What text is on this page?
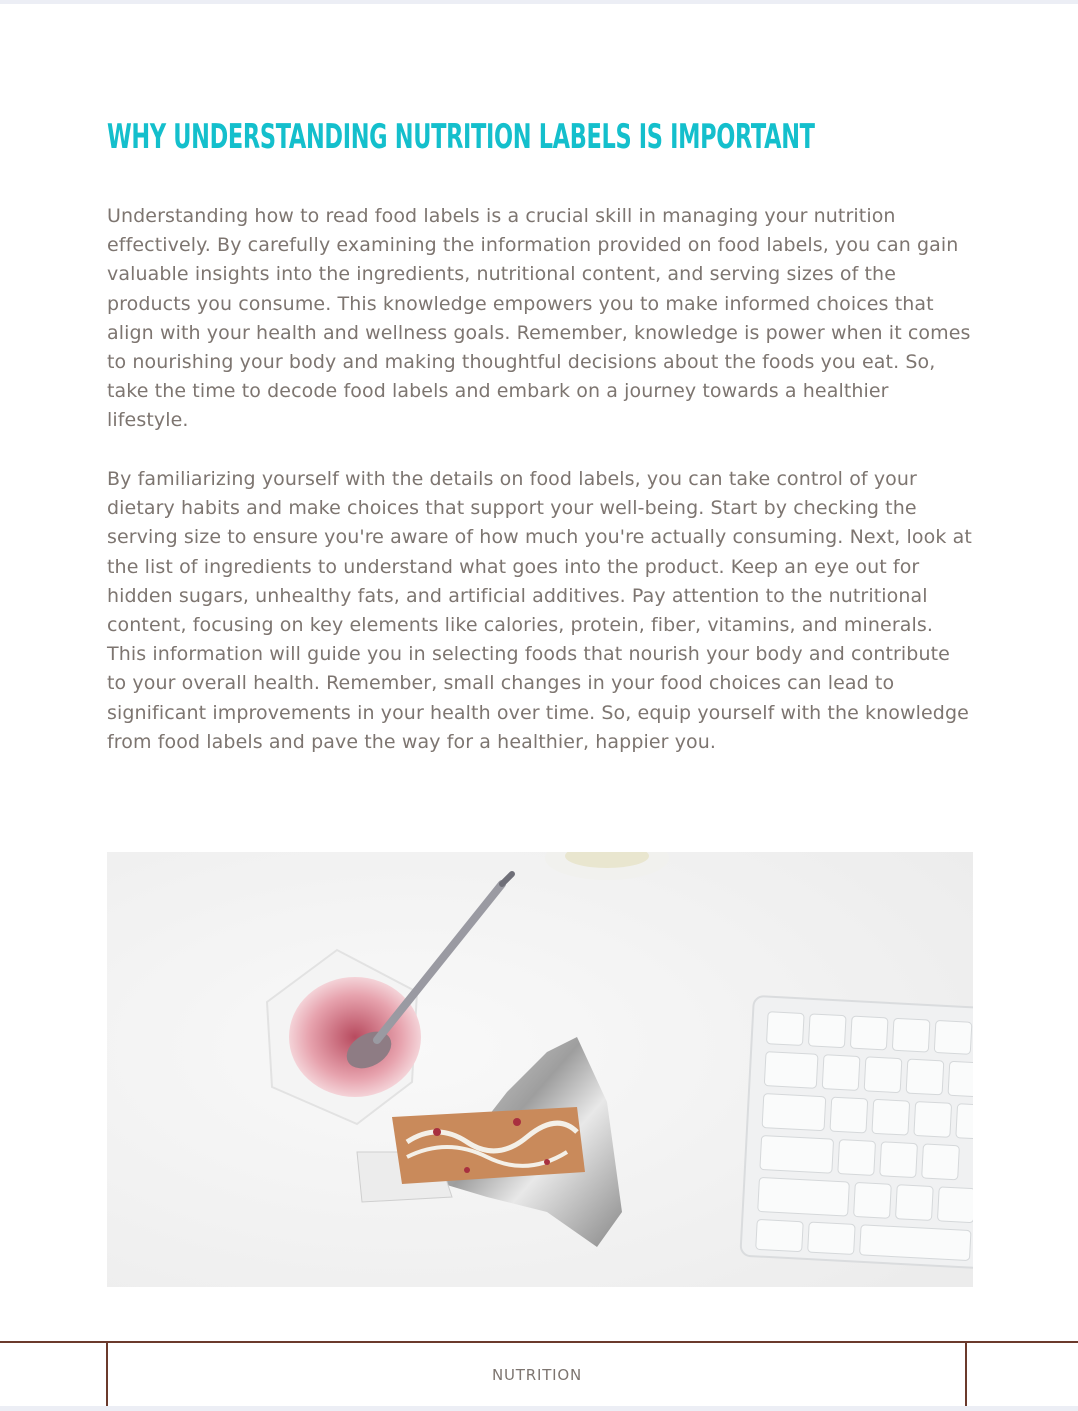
WHY UNDERSTANDING NUTRITION LABELS IS IMPORTANT

Understanding how to read food labels is a crucial skill in managing your nutrition effectively. By carefully examining the information provided on food labels, you can gain valuable insights into the ingredients, nutritional content, and serving sizes of the products you consume. This knowledge empowers you to make informed choices that align with your health and wellness goals. Remember, knowledge is power when it comes to nourishing your body and making thoughtful decisions about the foods you eat. So, take the time to decode food labels and embark on a journey towards a healthier lifestyle.

By familiarizing yourself with the details on food labels, you can take control of your dietary habits and make choices that support your well-being. Start by checking the serving size to ensure you're aware of how much you're actually consuming. Next, look at the list of ingredients to understand what goes into the product. Keep an eye out for hidden sugars, unhealthy fats, and artificial additives. Pay attention to the nutritional content, focusing on key elements like calories, protein, fiber, vitamins, and minerals. This information will guide you in selecting foods that nourish your body and contribute to your overall health. Remember, small changes in your food choices can lead to significant improvements in your health over time. So, equip yourself with the knowledge from food labels and pave the way for a healthier, happier you.

NUTRITION
